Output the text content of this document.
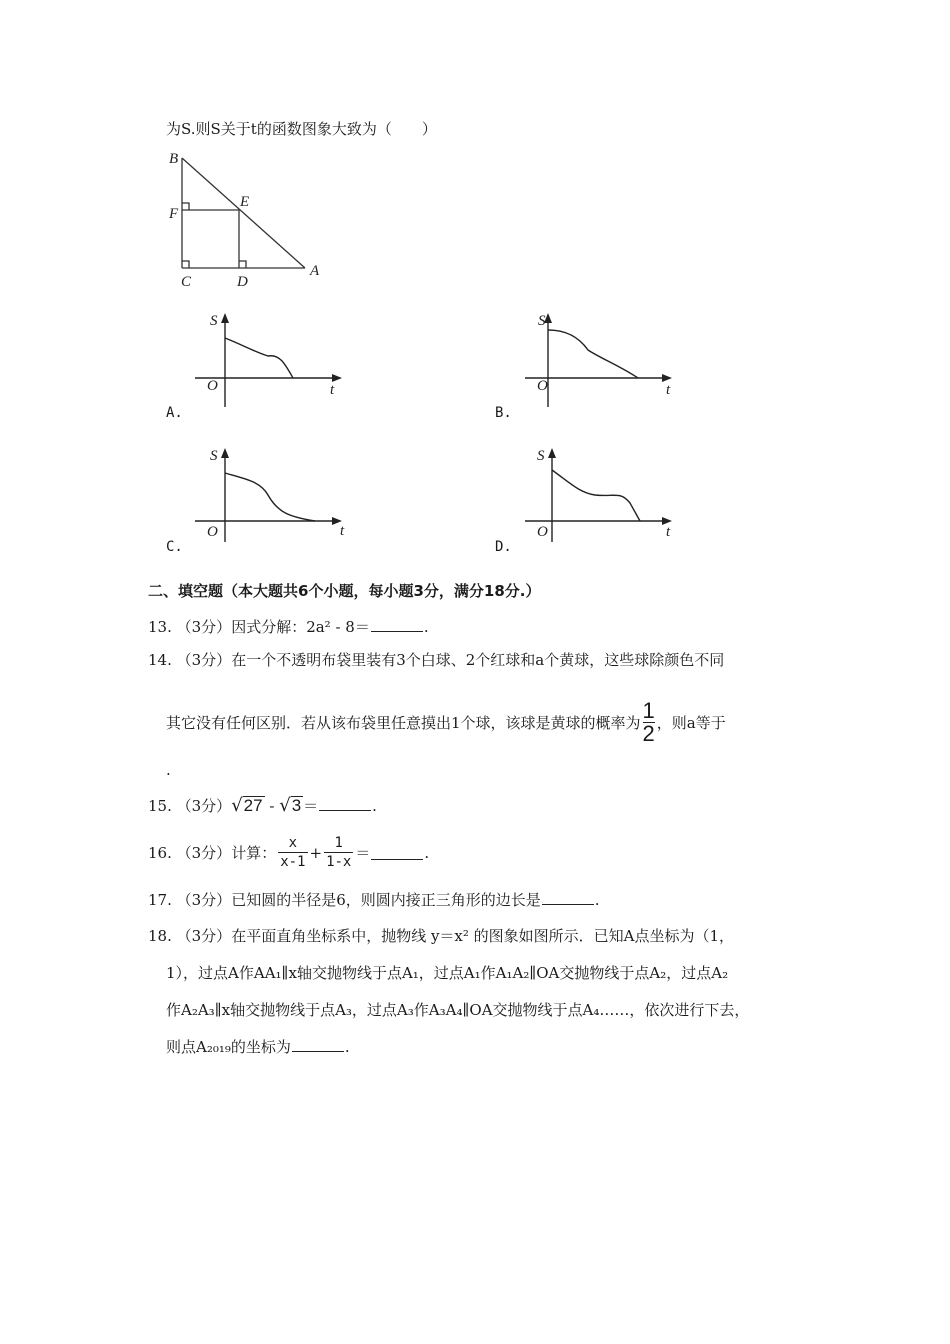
为S.则S关于t的函数图象大致为（　　）
B
E
F
C	D
A
S
t
O
A.
S
t
O
B.
S
t
O
C.
S
t
O
D.
二、填空题（本大题共6个小题，每小题3分，满分18分.）
13. （3分）因式分解：2a² - 8＝	.
14. （3分）在一个不透明布袋里装有3个白球、2个红球和a个黄球，这些球除颜色不同
其它没有任何区别．若从该布袋里任意摸出1个球，该球是黄球的概率为 $\frac{1}{2}$ ，则a等于
.
15. （3分）√27 - √3 ＝	.
16.
（3分） 计算： $\frac{x}{x-1} + \frac{1}{1-x}$ ＝	.
17. （3分）已知圆的半径是6，则圆内接正三角形的边长是	.
18. （3分）在平面直角坐标系中，抛物线 y＝x² 的图象如图所示．已知A点坐标为（1，
1），过点A作AA₁∥x轴交抛物线于点A₁，过点A₁作A₁A₂∥OA交抛物线于点A₂，过点A₂
作A₂A₃∥x轴交抛物线于点A₃，过点A₃作A₃A₄∥OA交抛物线于点A₄……，依次进行下去，
则点A₂₀₁₉的坐标为	.
